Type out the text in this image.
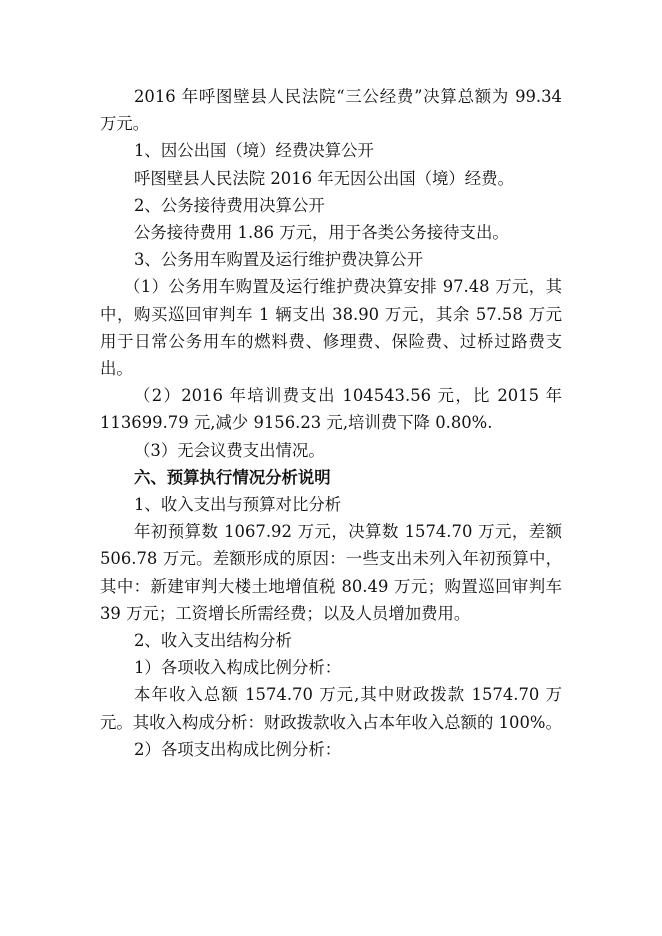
2016 年呼图壁县人民法院“三公经费”决算总额为 99.34 万元。

1、因公出国（境）经费决算公开

呼图壁县人民法院 2016 年无因公出国（境）经费。

2、公务接待费用决算公开

公务接待费用 1.86 万元，用于各类公务接待支出。

3、公务用车购置及运行维护费决算公开

（1）公务用车购置及运行维护费决算安排 97.48 万元，其中，购买巡回审判车 1 辆支出 38.90 万元，其余 57.58 万元用于日常公务用车的燃料费、修理费、保险费、过桥过路费支出。

（2）2016 年培训费支出 104543.56 元，比 2015 年 113699.79 元,减少 9156.23 元,培训费下降 0.80%.

（3）无会议费支出情况。

六、预算执行情况分析说明

1、收入支出与预算对比分析

年初预算数 1067.92 万元，决算数 1574.70 万元，差额 506.78 万元。差额形成的原因：一些支出未列入年初预算中，其中：新建审判大楼土地增值税 80.49 万元；购置巡回审判车 39 万元；工资增长所需经费；以及人员增加费用。

2、收入支出结构分析

1）各项收入构成比例分析：

本年收入总额 1574.70 万元,其中财政拨款 1574.70 万元。其收入构成分析：财政拨款收入占本年收入总额的 100%。

2）各项支出构成比例分析：
